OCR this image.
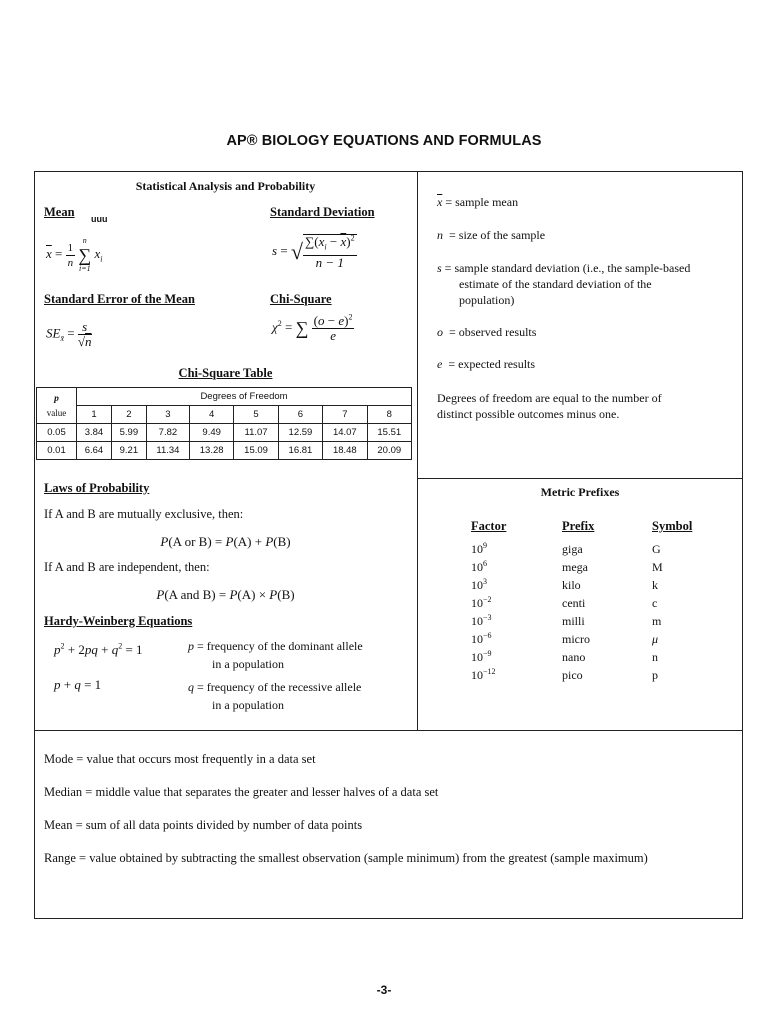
AP® BIOLOGY EQUATIONS AND FORMULAS
Statistical Analysis and Probability
Mean uuu
$\overline{x} = \frac{1}{n}$
n
∑
i=1
$x_i$
Standard Deviation
s = √ $\frac{\sum(x_i - \overline{x})^2}{n - 1}$
Standard Error of the Mean
$SE_{x̄} = \frac{s}{√n}$
Chi-Square
$\chi^2$ = ∑ $\frac{(o - e)^2}{e}$
Chi-Square Table
p
value	Degrees of Freedom							
	1	2	3	4	5	6	7	8
0.05	3.84	5.99	7.82	9.49	11.07	12.59	14.07	15.51
0.01	6.64	9.21	11.34	13.28	15.09	16.81	18.48	20.09
$\overline{x}$ = sample mean
n = size of the sample
s = sample standard deviation (i.e., the sample-based
estimate of the standard deviation of the
population)
o = observed results
e = expected results
Degrees of freedom are equal to the number of
distinct possible outcomes minus one.
Laws of Probability
If A and B are mutually exclusive, then:
P(A or B) = P(A) + P(B)
If A and B are independent, then:
P(A and B) = P(A) × P(B)
Hardy-Weinberg Equations
$p^2 + 2pq + q^2 = 1$
p + q = 1
p = frequency of the dominant allele
in a population
q = frequency of the recessive allele
in a population
Metric Prefixes
Factor	Prefix	Symbol
$10^9$	giga	G
$10^6$	mega	M
$10^3$	kilo	k
$10^{-2}$	centi	c
$10^{-3}$	milli	m
$10^{-6}$	micro	μ
$10^{-9}$	nano	n
$10^{-12}$	pico	p
Mode = value that occurs most frequently in a data set
Median = middle value that separates the greater and lesser halves of a data set
Mean = sum of all data points divided by number of data points
Range = value obtained by subtracting the smallest observation (sample minimum) from the greatest (sample maximum)
-3-
